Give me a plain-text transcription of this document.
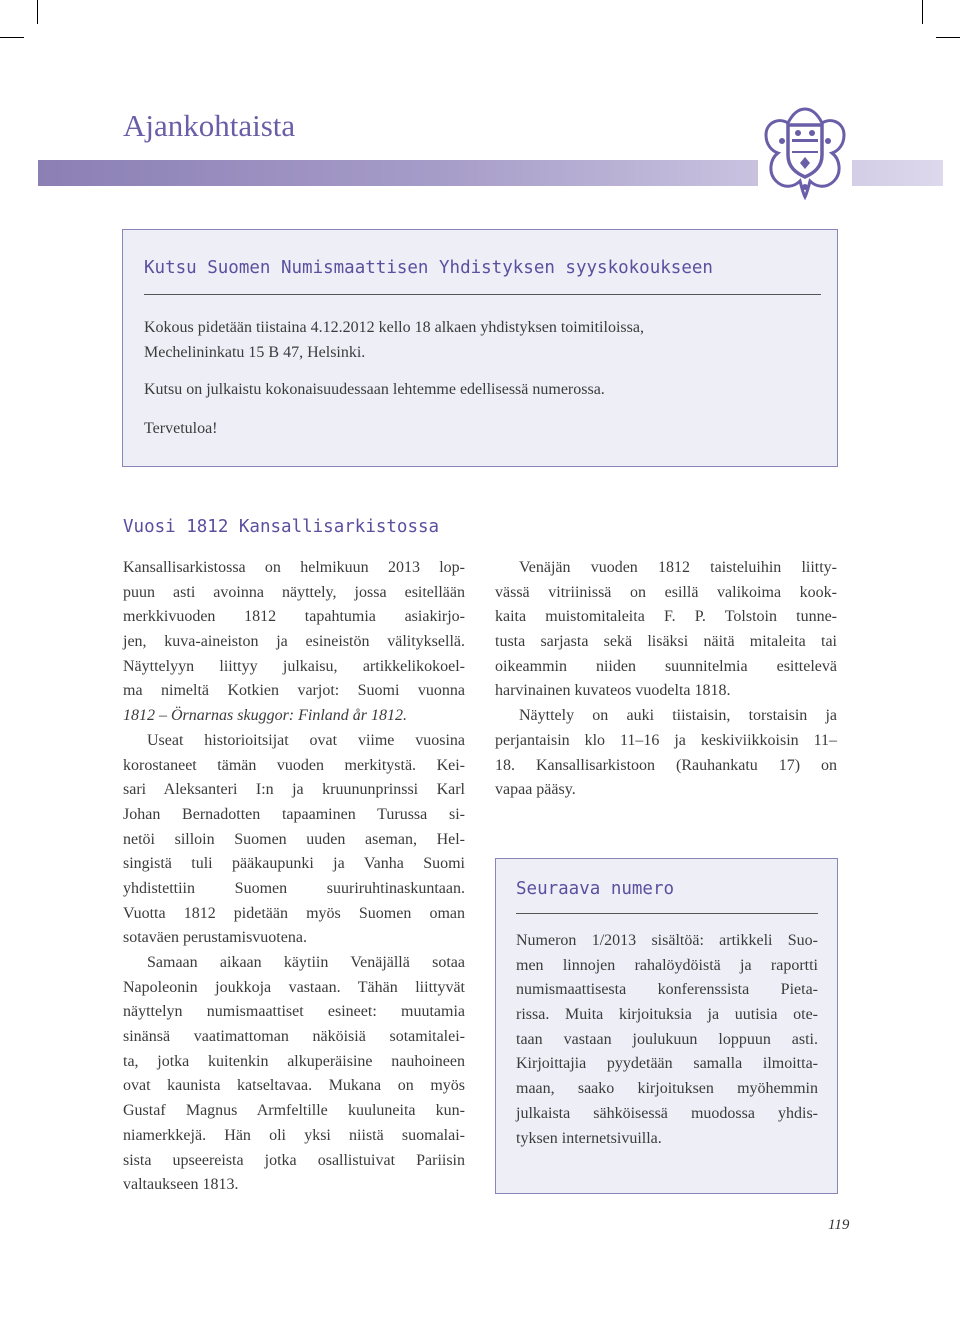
Ajankohtaista
Kutsu Suomen Numismaattisen Yhdistyksen syyskokoukseen
Kokous pidetään tiistaina 4.12.2012 kello 18 alkaen yhdistyksen toimitiloissa,
Mechelininkatu 15 B 47, Helsinki.
Kutsu on julkaistu kokonaisuudessaan lehtemme edellisessä numerossa.
Tervetuloa!
Vuosi 1812 Kansallisarkistossa
Kansallisarkistossa on helmikuun 2013 lop-
puun asti avoinna näyttely, jossa esitellään
merkkivuoden 1812 tapahtumia asiakirjo-
jen, kuva-aineiston ja esineistön välityksellä.
Näyttelyyn liittyy julkaisu, artikkelikokoel-
ma nimeltä Kotkien varjot: Suomi vuonna
1812 – Örnarnas skuggor: Finland år 1812.
Useat historioitsijat ovat viime vuosina
korostaneet tämän vuoden merkitystä. Kei-
sari Aleksanteri I:n ja kruununprinssi Karl
Johan Bernadotten tapaaminen Turussa si-
netöi silloin Suomen uuden aseman, Hel-
singistä tuli pääkaupunki ja Vanha Suomi
yhdistettiin Suomen suuriruhtinaskuntaan.
Vuotta 1812 pidetään myös Suomen oman
sotaväen perustamisvuotena.
Samaan aikaan käytiin Venäjällä sotaa
Napoleonin joukkoja vastaan. Tähän liittyvät
näyttelyn numismaattiset esineet: muutamia
sinänsä vaatimattoman näköisiä sotamitalei-
ta, jotka kuitenkin alkuperäisine nauhoineen
ovat kaunista katseltavaa. Mukana on myös
Gustaf Magnus Armfeltille kuuluneita kun-
niamerkkejä. Hän oli yksi niistä suomalai-
sista upseereista jotka osallistuivat Pariisin
valtaukseen 1813.
Venäjän vuoden 1812 taisteluihin liitty-
vässä vitriinissä on esillä valikoima kook-
kaita muistomitaleita F. P. Tolstoin tunne-
tusta sarjasta sekä lisäksi näitä mitaleita tai
oikeammin niiden suunnitelmia esittelevä
harvinainen kuvateos vuodelta 1818.
Näyttely on auki tiistaisin, torstaisin ja
perjantaisin klo 11–16 ja keskiviikkoisin 11–
18. Kansallisarkistoon (Rauhankatu 17) on
vapaa pääsy.
Seuraava numero
Numeron 1/2013 sisältöä: artikkeli Suo-
men linnojen rahalöydöistä ja raportti
numismaattisesta konferenssista Pieta-
rissa. Muita kirjoituksia ja uutisia ote-
taan vastaan joulukuun loppuun asti.
Kirjoittajia pyydetään samalla ilmoitta-
maan, saako kirjoituksen myöhemmin
julkaista sähköisessä muodossa yhdis-
tyksen internetsivuilla.
119
